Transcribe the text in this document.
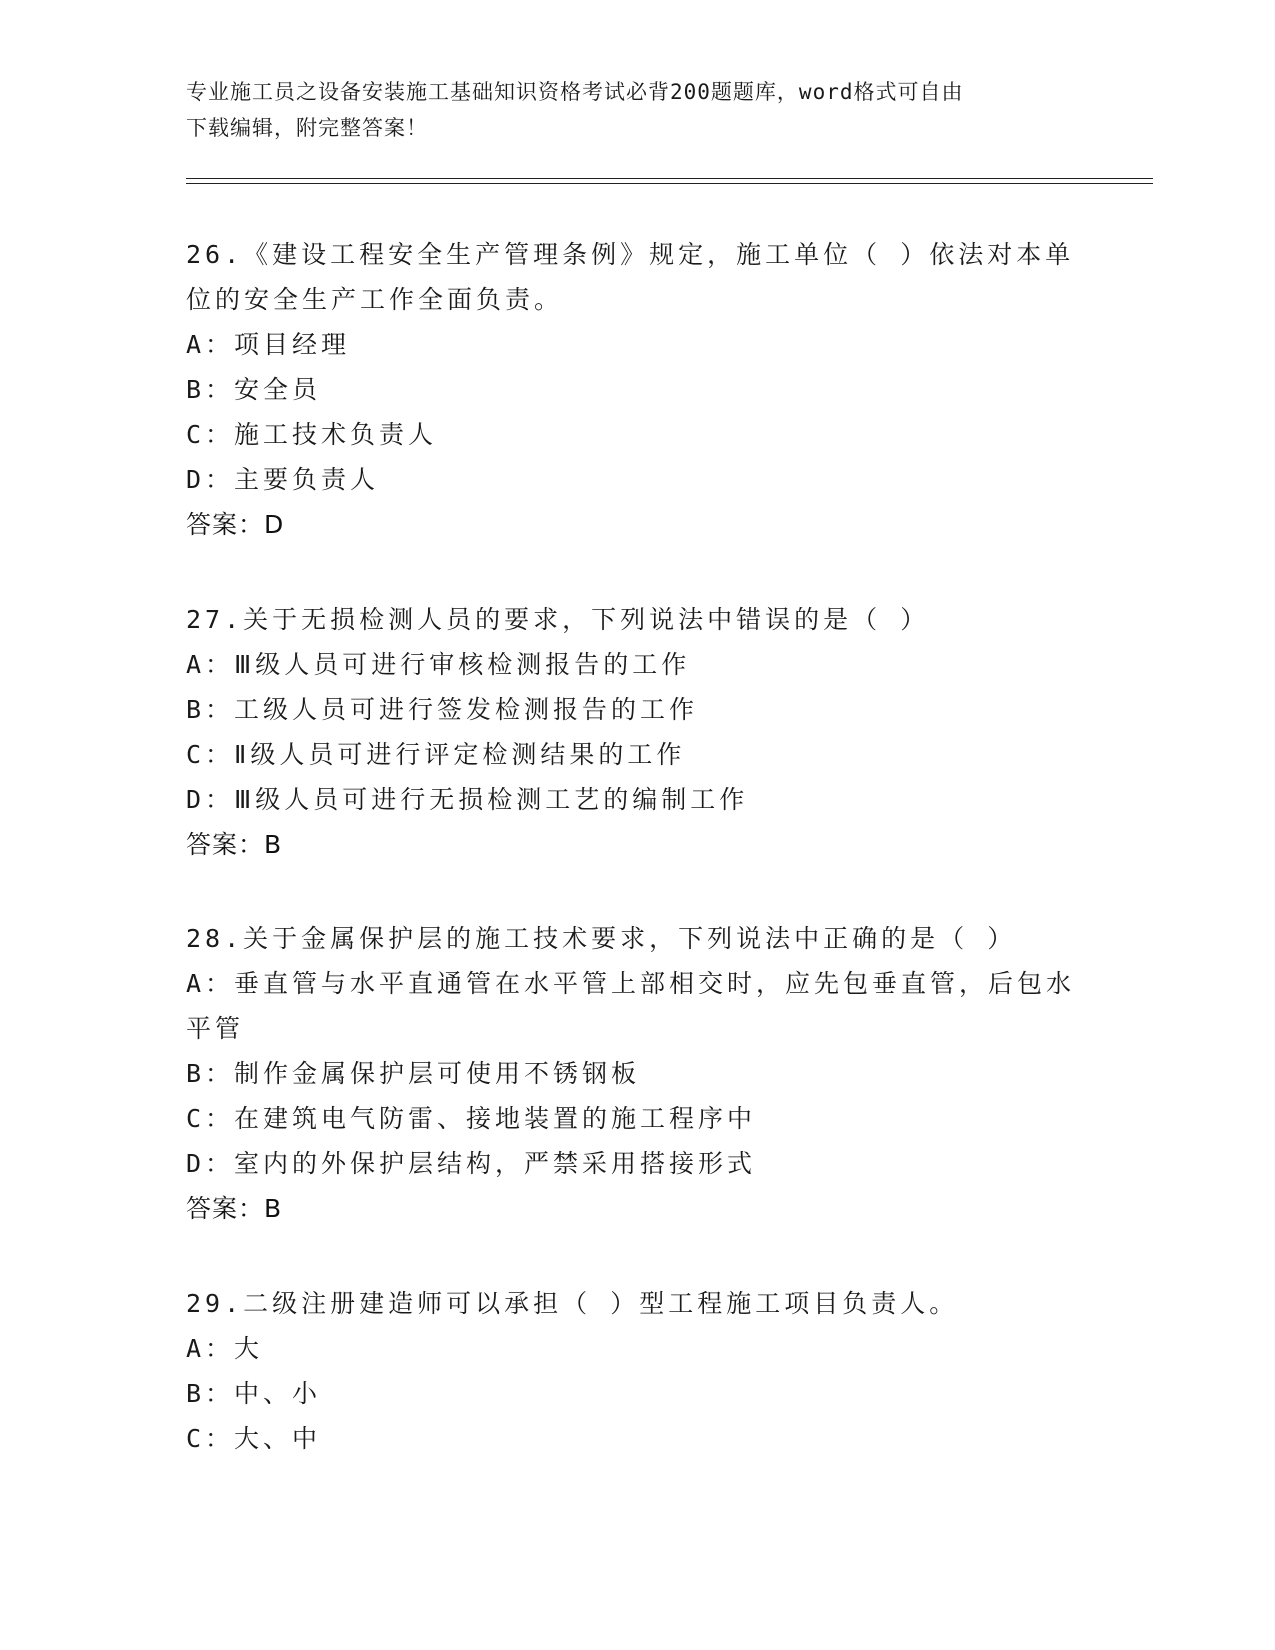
专业施工员之设备安装施工基础知识资格考试必背200题题库，word格式可自由
下载编辑，附完整答案！
26.《建设工程安全生产管理条例》规定，施工单位（ ）依法对本单
位的安全生产工作全面负责。
A：项目经理
B：安全员
C：施工技术负责人
D：主要负责人
答案：D
27.关于无损检测人员的要求，下列说法中错误的是（ ）
A：Ⅲ级人员可进行审核检测报告的工作
B：工级人员可进行签发检测报告的工作
C：Ⅱ级人员可进行评定检测结果的工作
D：Ⅲ级人员可进行无损检测工艺的编制工作
答案：B
28.关于金属保护层的施工技术要求，下列说法中正确的是（ ）
A：垂直管与水平直通管在水平管上部相交时，应先包垂直管，后包水平管
B：制作金属保护层可使用不锈钢板
C：在建筑电气防雷、接地装置的施工程序中
D：室内的外保护层结构，严禁采用搭接形式
答案：B
29.二级注册建造师可以承担（ ）型工程施工项目负责人。
A：大
B：中、小
C：大、中
